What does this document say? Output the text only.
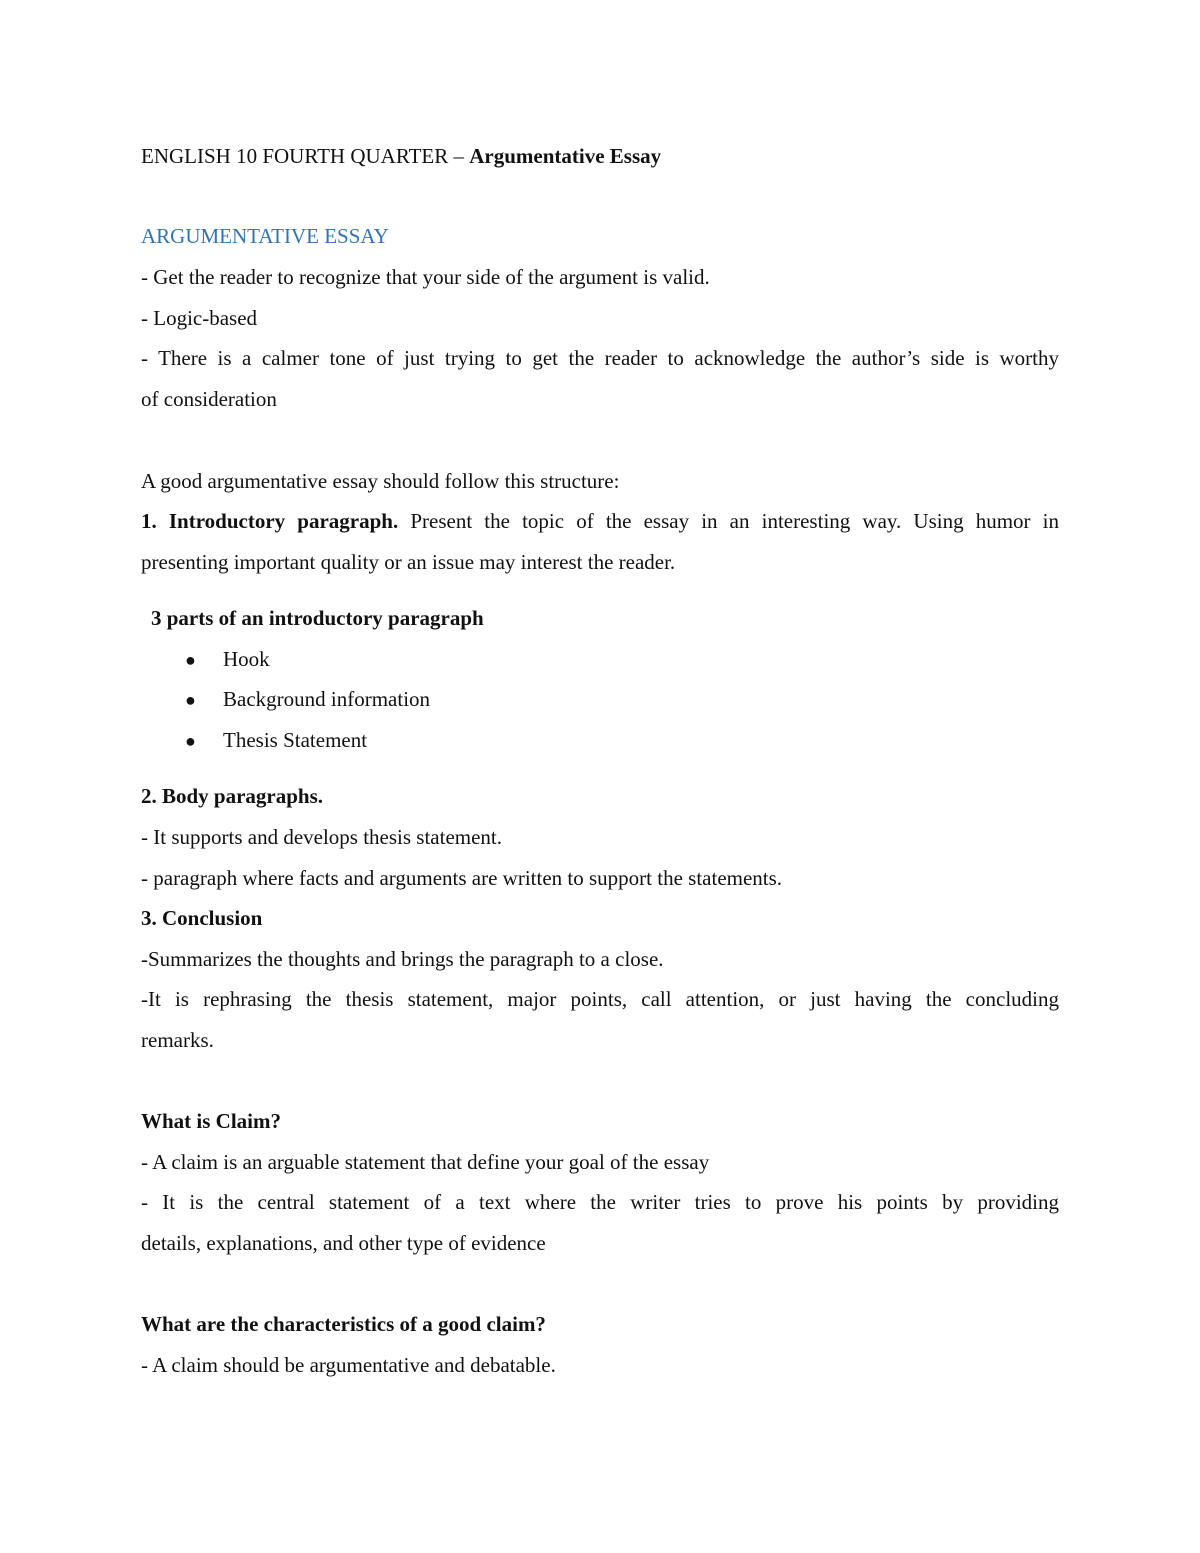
ENGLISH 10 FOURTH QUARTER – Argumentative Essay
ARGUMENTATIVE ESSAY
- Get the reader to recognize that your side of the argument is valid.
- Logic-based
- There is a calmer tone of just trying to get the reader to acknowledge the author’s side is worthy
of consideration
A good argumentative essay should follow this structure:
1. Introductory paragraph. Present the topic of the essay in an interesting way. Using humor in
presenting important quality or an issue may interest the reader.
3 parts of an introductory paragraph
● Hook
● Background information
● Thesis Statement
2. Body paragraphs.
- It supports and develops thesis statement.
- paragraph where facts and arguments are written to support the statements.
3. Conclusion
-Summarizes the thoughts and brings the paragraph to a close.
-It is rephrasing the thesis statement, major points, call attention, or just having the concluding
remarks.
What is Claim?
- A claim is an arguable statement that define your goal of the essay
- It is the central statement of a text where the writer tries to prove his points by providing
details, explanations, and other type of evidence
What are the characteristics of a good claim?
- A claim should be argumentative and debatable.
